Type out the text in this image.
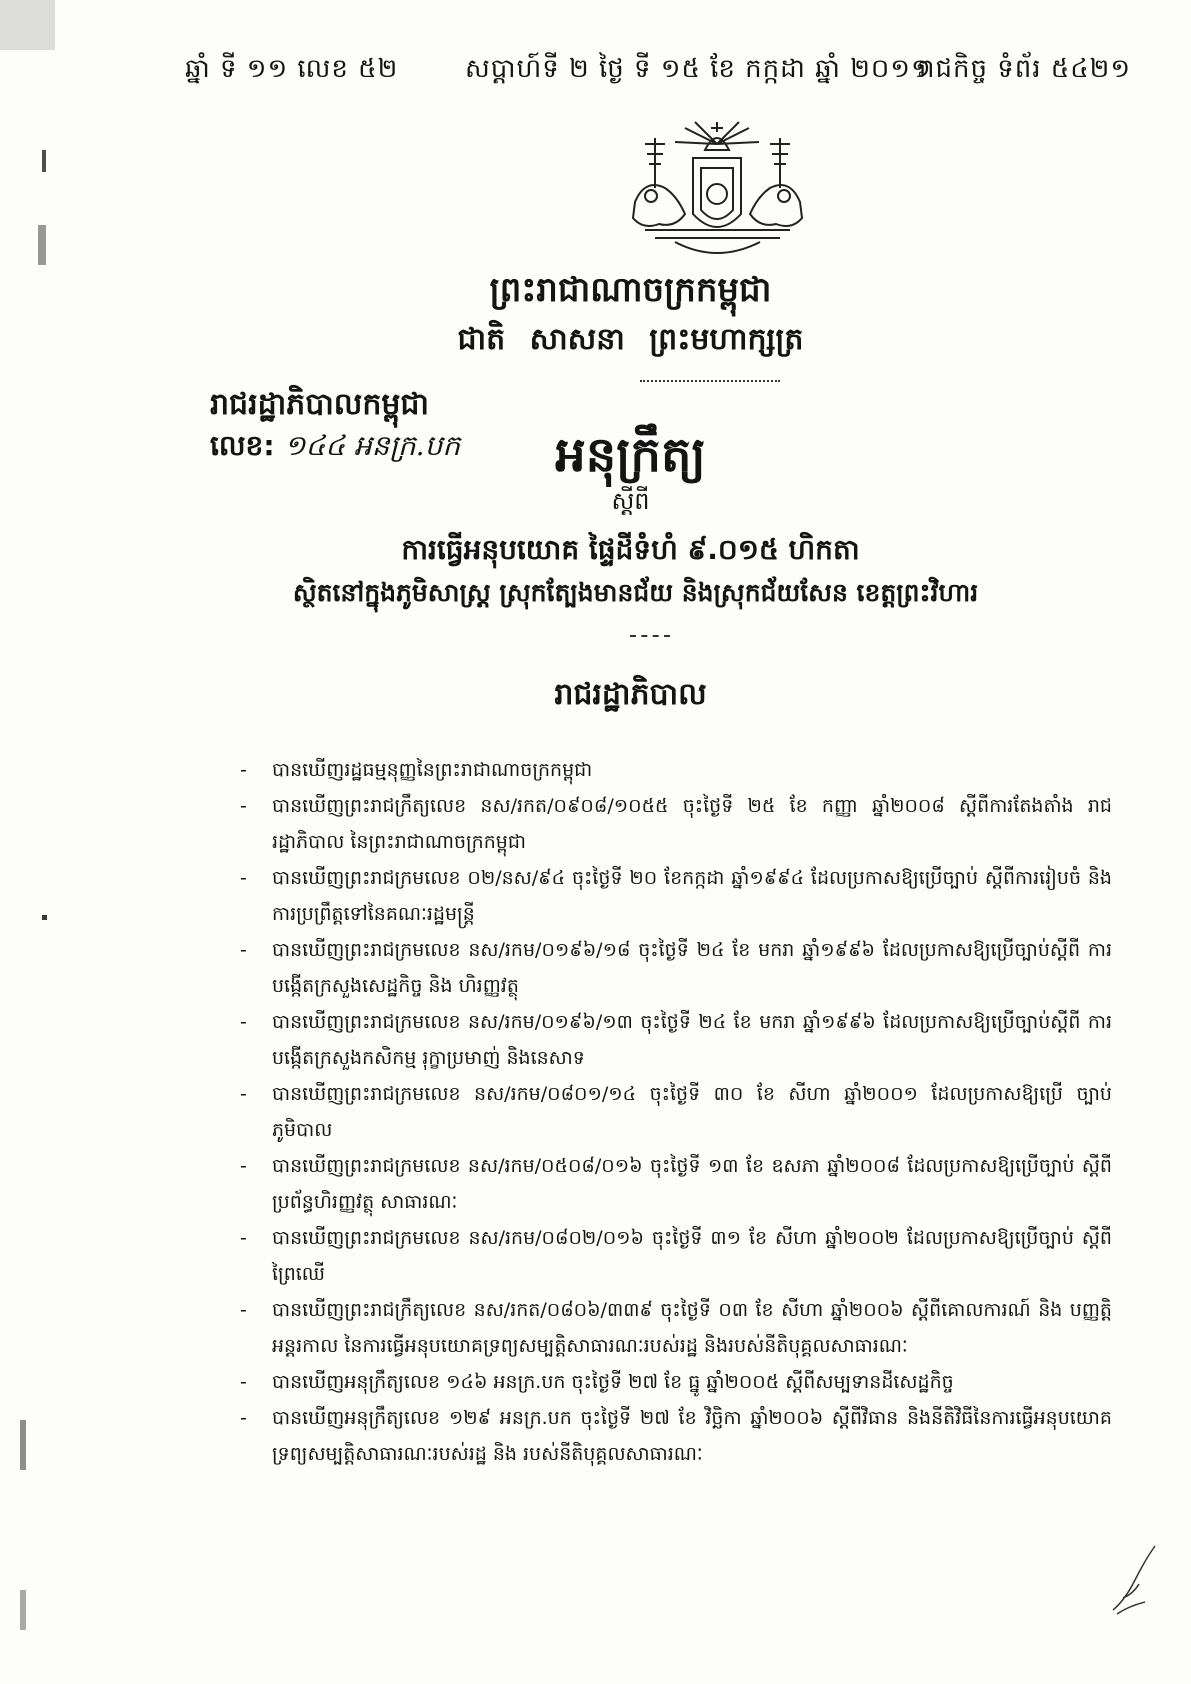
ឆ្នាំ ទី ១១ លេខ ៥២	សប្ដាហ៍ទី ២ ថ្ងៃ ទី ១៥ ខែ កក្កដា ឆ្នាំ ២០១១
រាជកិច្ច ទំព័រ ៥៤២១
ព្រះរាជាណាចក្រកម្ពុជា
ជាតិ សាសនា ព្រះមហាក្សត្រ
រាជរដ្ឋាភិបាលកម្ពុជា
លេខ: ១៤៤ អនក្រ.បក	អនុក្រឹត្យ
ស្ដីពី
ការធ្វើអនុបយោគ ផ្ទៃដីទំហំ ៩.០១៥ ហិកតា
ស្ថិតនៅក្នុងភូមិសាស្ត្រ ស្រុកត្បែងមានជ័យ និងស្រុកជ័យសែន ខេត្តព្រះវិហារ
រាជរដ្ឋាភិបាល
- បានឃើញរដ្ឋធម្មនុញ្ញនៃព្រះរាជាណាចក្រកម្ពុជា
- បានឃើញព្រះរាជក្រឹត្យលេខ នស/រកត/០៩០៨/១០៥៥ ចុះថ្ងៃទី ២៥ ខែ កញ្ញា ឆ្នាំ២០០៨ ស្ដីពីការតែងតាំង រាជរដ្ឋាភិបាល នៃព្រះរាជាណាចក្រកម្ពុជា
- បានឃើញព្រះរាជក្រមលេខ ០២/នស/៩៤ ចុះថ្ងៃទី ២០ ខែកក្កដា ឆ្នាំ១៩៩៤ ដែលប្រកាសឱ្យប្រើច្បាប់ ស្ដីពីការរៀបចំ និង ការប្រព្រឹត្តទៅនៃគណៈរដ្ឋមន្ត្រី
- បានឃើញព្រះរាជក្រមលេខ នស/រកម/០១៩៦/១៨ ចុះថ្ងៃទី ២៤ ខែ មករា ឆ្នាំ១៩៩៦ ដែលប្រកាសឱ្យប្រើច្បាប់ស្ដីពី ការបង្កើតក្រសួងសេដ្ឋកិច្ច និង ហិរញ្ញវត្ថុ
- បានឃើញព្រះរាជក្រមលេខ នស/រកម/០១៩៦/១៣ ចុះថ្ងៃទី ២៤ ខែ មករា ឆ្នាំ១៩៩៦ ដែលប្រកាសឱ្យប្រើច្បាប់ស្ដីពី ការបង្កើតក្រសួងកសិកម្ម រុក្ខាប្រមាញ់ និងនេសាទ
- បានឃើញព្រះរាជក្រមលេខ នស/រកម/០៨០១/១៤ ចុះថ្ងៃទី ៣០ ខែ សីហា ឆ្នាំ២០០១ ដែលប្រកាសឱ្យប្រើ ច្បាប់ភូមិបាល
- បានឃើញព្រះរាជក្រមលេខ នស/រកម/០៥០៨/០១៦ ចុះថ្ងៃទី ១៣ ខែ ឧសភា ឆ្នាំ២០០៨ ដែលប្រកាសឱ្យប្រើច្បាប់ ស្ដីពីប្រព័ន្ធហិរញ្ញវត្ថុ សាធារណៈ
- បានឃើញព្រះរាជក្រមលេខ នស/រកម/០៨០២/០១៦ ចុះថ្ងៃទី ៣១ ខែ សីហា ឆ្នាំ២០០២ ដែលប្រកាសឱ្យប្រើច្បាប់ ស្ដីពីព្រៃឈើ
- បានឃើញព្រះរាជក្រឹត្យលេខ នស/រកត/០៨០៦/៣៣៩ ចុះថ្ងៃទី ០៣ ខែ សីហា ឆ្នាំ២០០៦ ស្ដីពីគោលការណ៍ និង បញ្ញត្តិអន្តរកាល នៃការធ្វើអនុបយោគទ្រព្យសម្បត្តិសាធារណៈរបស់រដ្ឋ និងរបស់នីតិបុគ្គលសាធារណៈ
- បានឃើញអនុក្រឹត្យលេខ ១៤៦ អនក្រ.បក ចុះថ្ងៃទី ២៧ ខែ ធ្នូ ឆ្នាំ២០០៥ ស្ដីពីសម្បទានដីសេដ្ឋកិច្ច
- បានឃើញអនុក្រឹត្យលេខ ១២៩ អនក្រ.បក ចុះថ្ងៃទី ២៧ ខែ វិច្ឆិកា ឆ្នាំ២០០៦ ស្ដីពីវិធាន និងនីតិវិធីនៃការធ្វើអនុបយោគ ទ្រព្យសម្បត្តិសាធារណៈរបស់រដ្ឋ និង របស់នីតិបុគ្គលសាធារណៈ
